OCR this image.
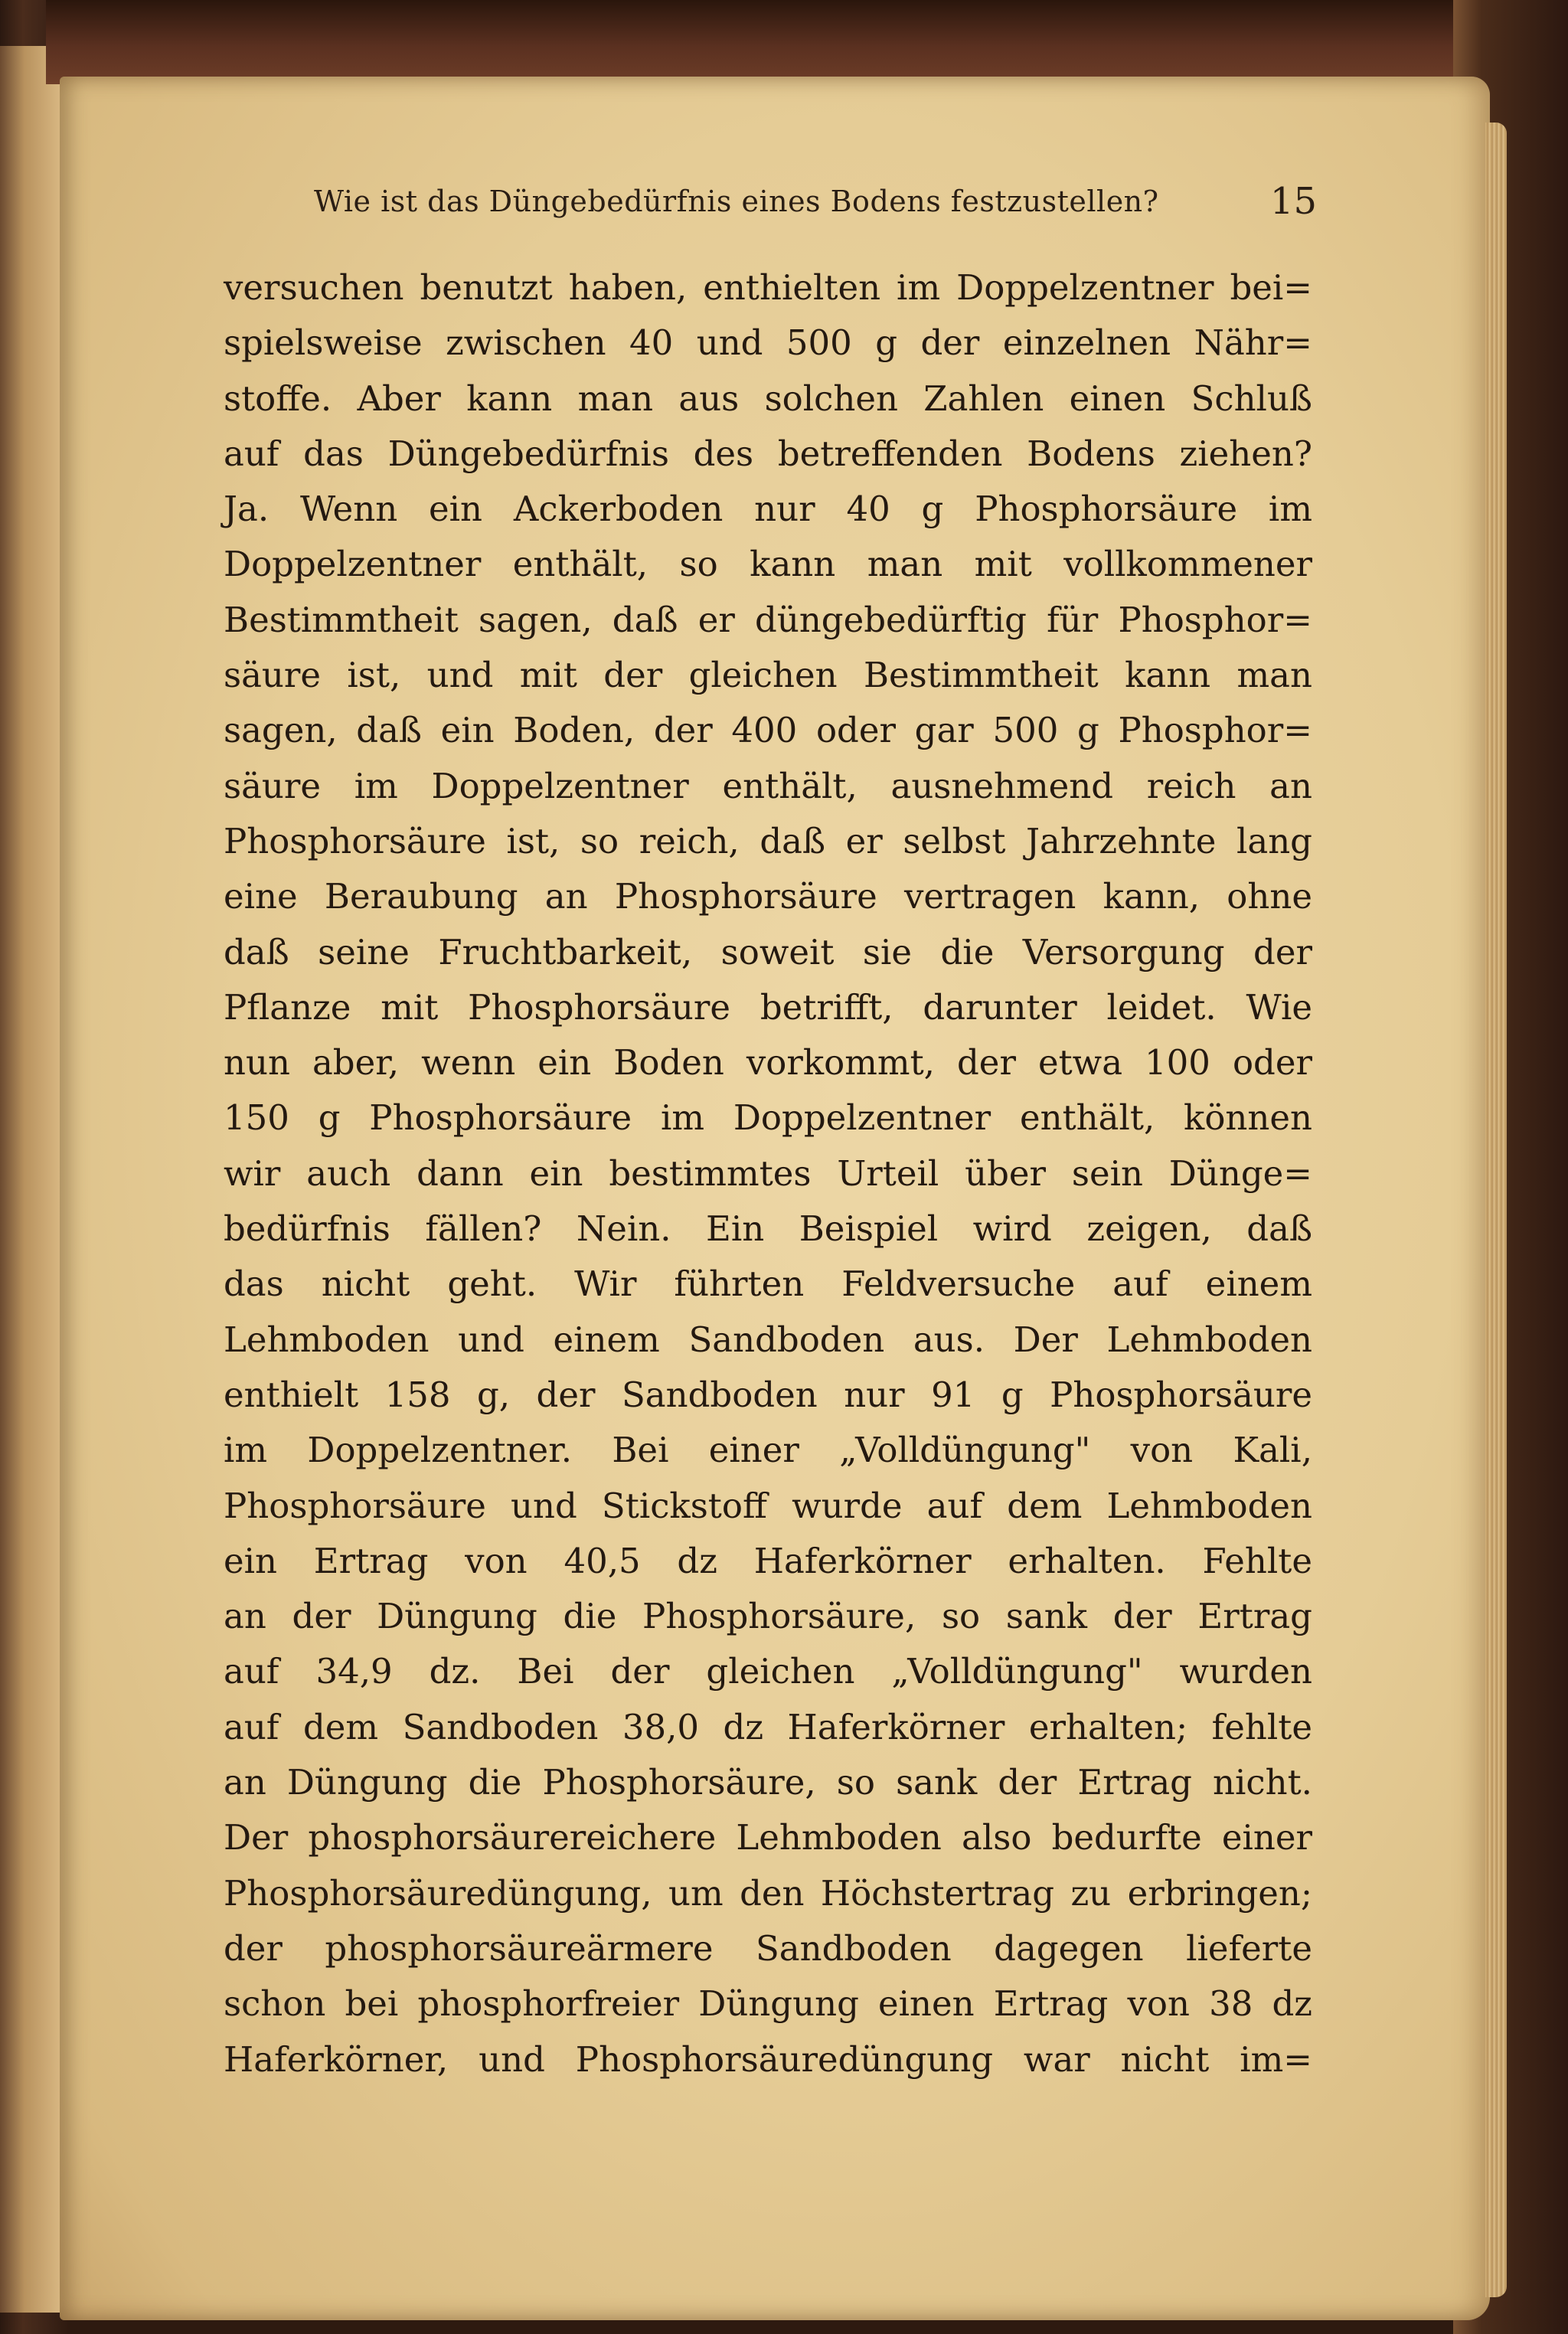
Wie ist das Düngebedürfnis eines Bodens festzustellen?	15
versuchen benutzt haben, enthielten im Doppelzentner bei=
spielsweise zwischen 40 und 500 g der einzelnen Nähr=
stoffe. Aber kann man aus solchen Zahlen einen Schluß
auf das Düngebedürfnis des betreffenden Bodens ziehen?
Ja. Wenn ein Ackerboden nur 40 g Phosphorsäure im
Doppelzentner enthält, so kann man mit vollkommener
Bestimmtheit sagen, daß er düngebedürftig für Phosphor=
säure ist, und mit der gleichen Bestimmtheit kann man
sagen, daß ein Boden, der 400 oder gar 500 g Phosphor=
säure im Doppelzentner enthält, ausnehmend reich an
Phosphorsäure ist, so reich, daß er selbst Jahrzehnte lang
eine Beraubung an Phosphorsäure vertragen kann, ohne
daß seine Fruchtbarkeit, soweit sie die Versorgung der
Pflanze mit Phosphorsäure betrifft, darunter leidet. Wie
nun aber, wenn ein Boden vorkommt, der etwa 100 oder
150 g Phosphorsäure im Doppelzentner enthält, können
wir auch dann ein bestimmtes Urteil über sein Dünge=
bedürfnis fällen? Nein. Ein Beispiel wird zeigen, daß
das nicht geht. Wir führten Feldversuche auf einem
Lehmboden und einem Sandboden aus. Der Lehmboden
enthielt 158 g, der Sandboden nur 91 g Phosphorsäure
im Doppelzentner. Bei einer „Volldüngung" von Kali,
Phosphorsäure und Stickstoff wurde auf dem Lehmboden
ein Ertrag von 40,5 dz Haferkörner erhalten. Fehlte
an der Düngung die Phosphorsäure, so sank der Ertrag
auf 34,9 dz. Bei der gleichen „Volldüngung" wurden
auf dem Sandboden 38,0 dz Haferkörner erhalten; fehlte
an Düngung die Phosphorsäure, so sank der Ertrag nicht.
Der phosphorsäurereichere Lehmboden also bedurfte einer
Phosphorsäuredüngung, um den Höchstertrag zu erbringen;
der phosphorsäureärmere Sandboden dagegen lieferte
schon bei phosphorfreier Düngung einen Ertrag von 38 dz
Haferkörner, und Phosphorsäuredüngung war nicht im=
